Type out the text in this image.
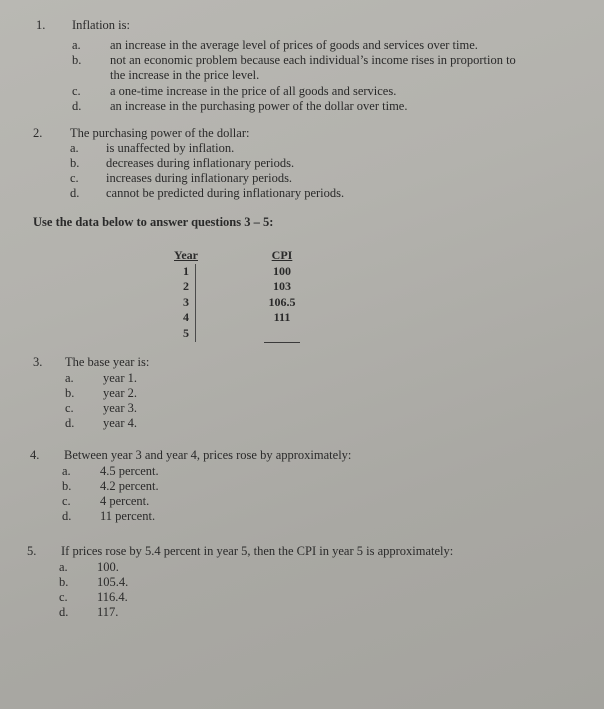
1. Inflation is:
a. an increase in the average level of prices of goods and services over time.
b. not an economic problem because each individual’s income rises in proportion to
the increase in the price level.
c. a one-time increase in the price of all goods and services.
d. an increase in the purchasing power of the dollar over time.
2. The purchasing power of the dollar:
a. is unaffected by inflation.
b. decreases during inflationary periods.
c. increases during inflationary periods.
d. cannot be predicted during inflationary periods.
Use the data below to answer questions 3 – 5:
Year
1
2
3
4
5
CPI
100
103
106.5
111
3. The base year is:
a. year 1.
b. year 2.
c. year 3.
d. year 4.
4. Between year 3 and year 4, prices rose by approximately:
a. 4.5 percent.
b. 4.2 percent.
c. 4 percent.
d. 11 percent.
5. If prices rose by 5.4 percent in year 5, then the CPI in year 5 is approximately:
a. 100.
b. 105.4.
c. 116.4.
d. 117.
